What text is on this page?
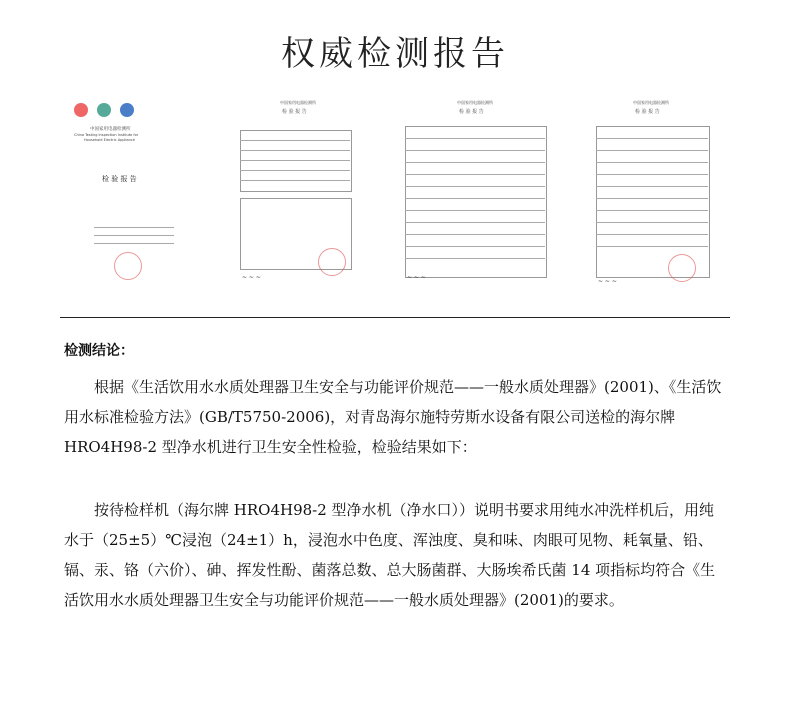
权威检测报告

中国家用电器检测所
China Testing Inspection Institute for
Household Electric Appliance
检 验 报 告
中国家用电器检测所
检 验 报 告
~ ~ ~
中国家用电器检测所
检 验 报 告
~ ~ ~
中国家用电器检测所
检 验 报 告
~ ~ ~
检测结论：
根据《生活饮用水水质处理器卫生安全与功能评价规范——一般水质处理器》(2001)、《生活饮用水标准检验方法》(GB/T5750-2006)，对青岛海尔施特劳斯水设备有限公司送检的海尔牌 HRO4H98-2 型净水机进行卫生安全性检验，检验结果如下：
按待检样机（海尔牌 HRO4H98-2 型净水机（净水口））说明书要求用纯水冲洗样机后，用纯水于（25±5）℃浸泡（24±1）h，浸泡水中色度、浑浊度、臭和味、肉眼可见物、耗氧量、铅、镉、汞、铬（六价）、砷、挥发性酚、菌落总数、总大肠菌群、大肠埃希氏菌 14 项指标均符合《生活饮用水水质处理器卫生安全与功能评价规范——一般水质处理器》(2001)的要求。
